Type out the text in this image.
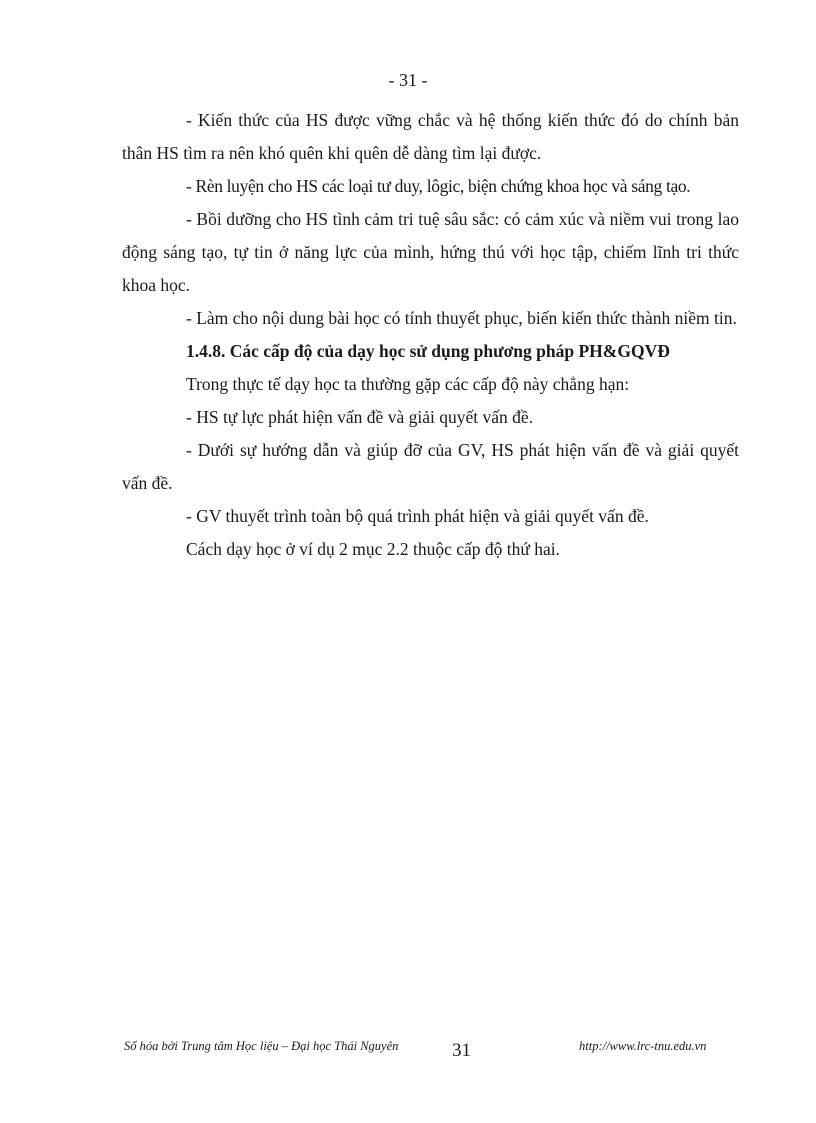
- 31 -

- Kiến thức của HS được vững chắc và hệ thống kiến thức đó do chính bản thân HS tìm ra nên khó quên khi quên dễ dàng tìm lại được.

- Rèn luyện cho HS các loại tư duy, lôgic, biện chứng khoa học và sáng tạo.

- Bồi dưỡng cho HS tình cảm tri tuệ sâu sắc: có cảm xúc và niềm vui trong lao động sáng tạo, tự tin ở năng lực của mình, hứng thú với học tập, chiếm lĩnh tri thức khoa học.

- Làm cho nội dung bài học có tính thuyết phục, biến kiến thức thành niềm tin.

1.4.8. Các cấp độ của dạy học sử dụng phương pháp PH&GQVĐ

Trong thực tế dạy học ta thường gặp các cấp độ này chẳng hạn:

- HS tự lực phát hiện vấn đề và giải quyết vấn đề.

- Dưới sự hướng dẫn và giúp đỡ của GV, HS phát hiện vấn đề và giải quyết vấn đề.

- GV thuyết trình toàn bộ quá trình phát hiện và giải quyết vấn đề.

Cách dạy học ở ví dụ 2 mục 2.2 thuộc cấp độ thứ hai.

Số hóa bởi Trung tâm Học liệu – Đại học Thái Nguyên	31	http://www.lrc-tnu.edu.vn
